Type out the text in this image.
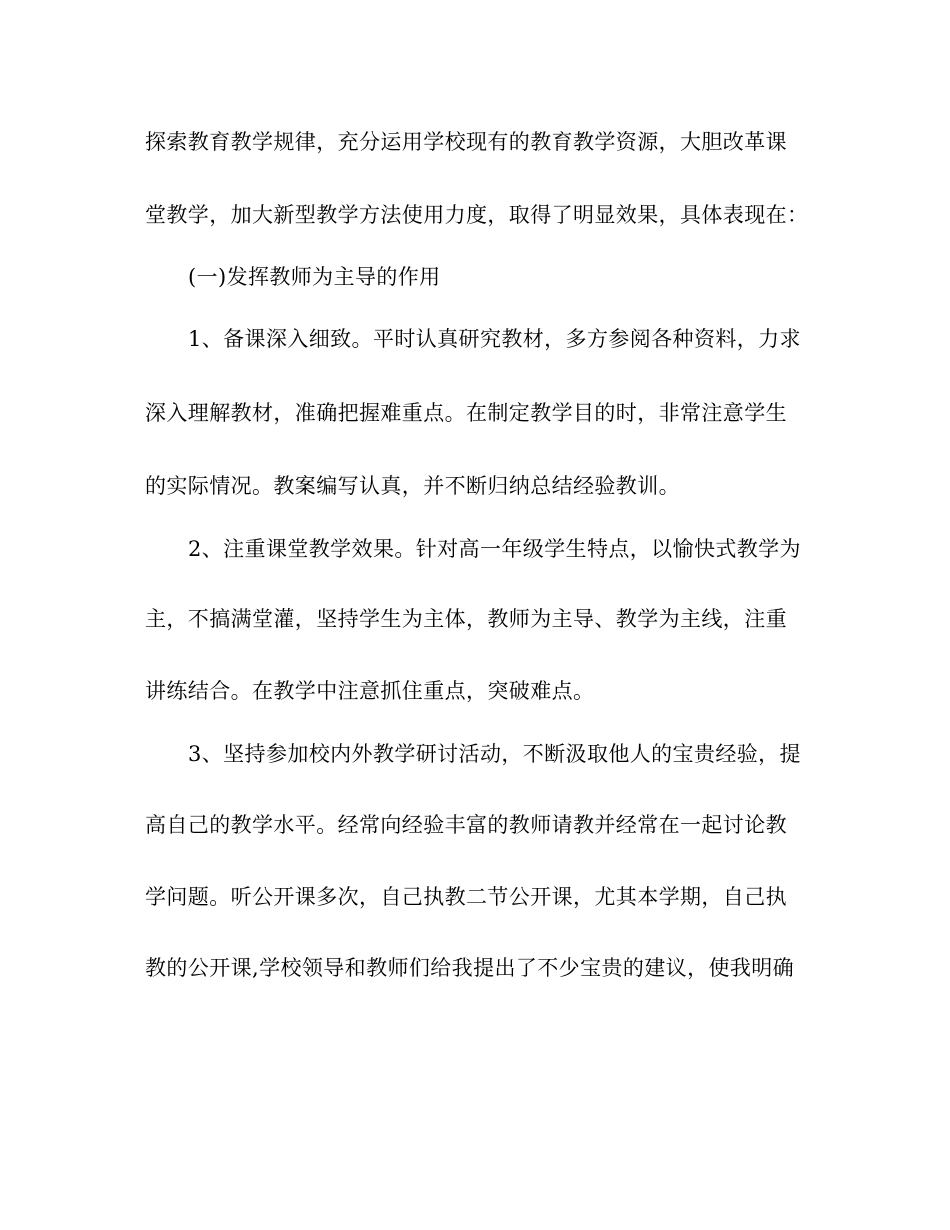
探索教育教学规律，充分运用学校现有的教育教学资源，大胆改革课
堂教学，加大新型教学方法使用力度，取得了明显效果，具体表现在：
(一)发挥教师为主导的作用
1、备课深入细致。平时认真研究教材，多方参阅各种资料，力求
深入理解教材，准确把握难重点。在制定教学目的时，非常注意学生
的实际情况。教案编写认真，并不断归纳总结经验教训。
2、注重课堂教学效果。针对高一年级学生特点，以愉快式教学为
主，不搞满堂灌，坚持学生为主体，教师为主导、教学为主线，注重
讲练结合。在教学中注意抓住重点，突破难点。
3、坚持参加校内外教学研讨活动，不断汲取他人的宝贵经验，提
高自己的教学水平。经常向经验丰富的教师请教并经常在一起讨论教
学问题。听公开课多次，自己执教二节公开课，尤其本学期，自己执
教的公开课,学校领导和教师们给我提出了不少宝贵的建议，使我明确
